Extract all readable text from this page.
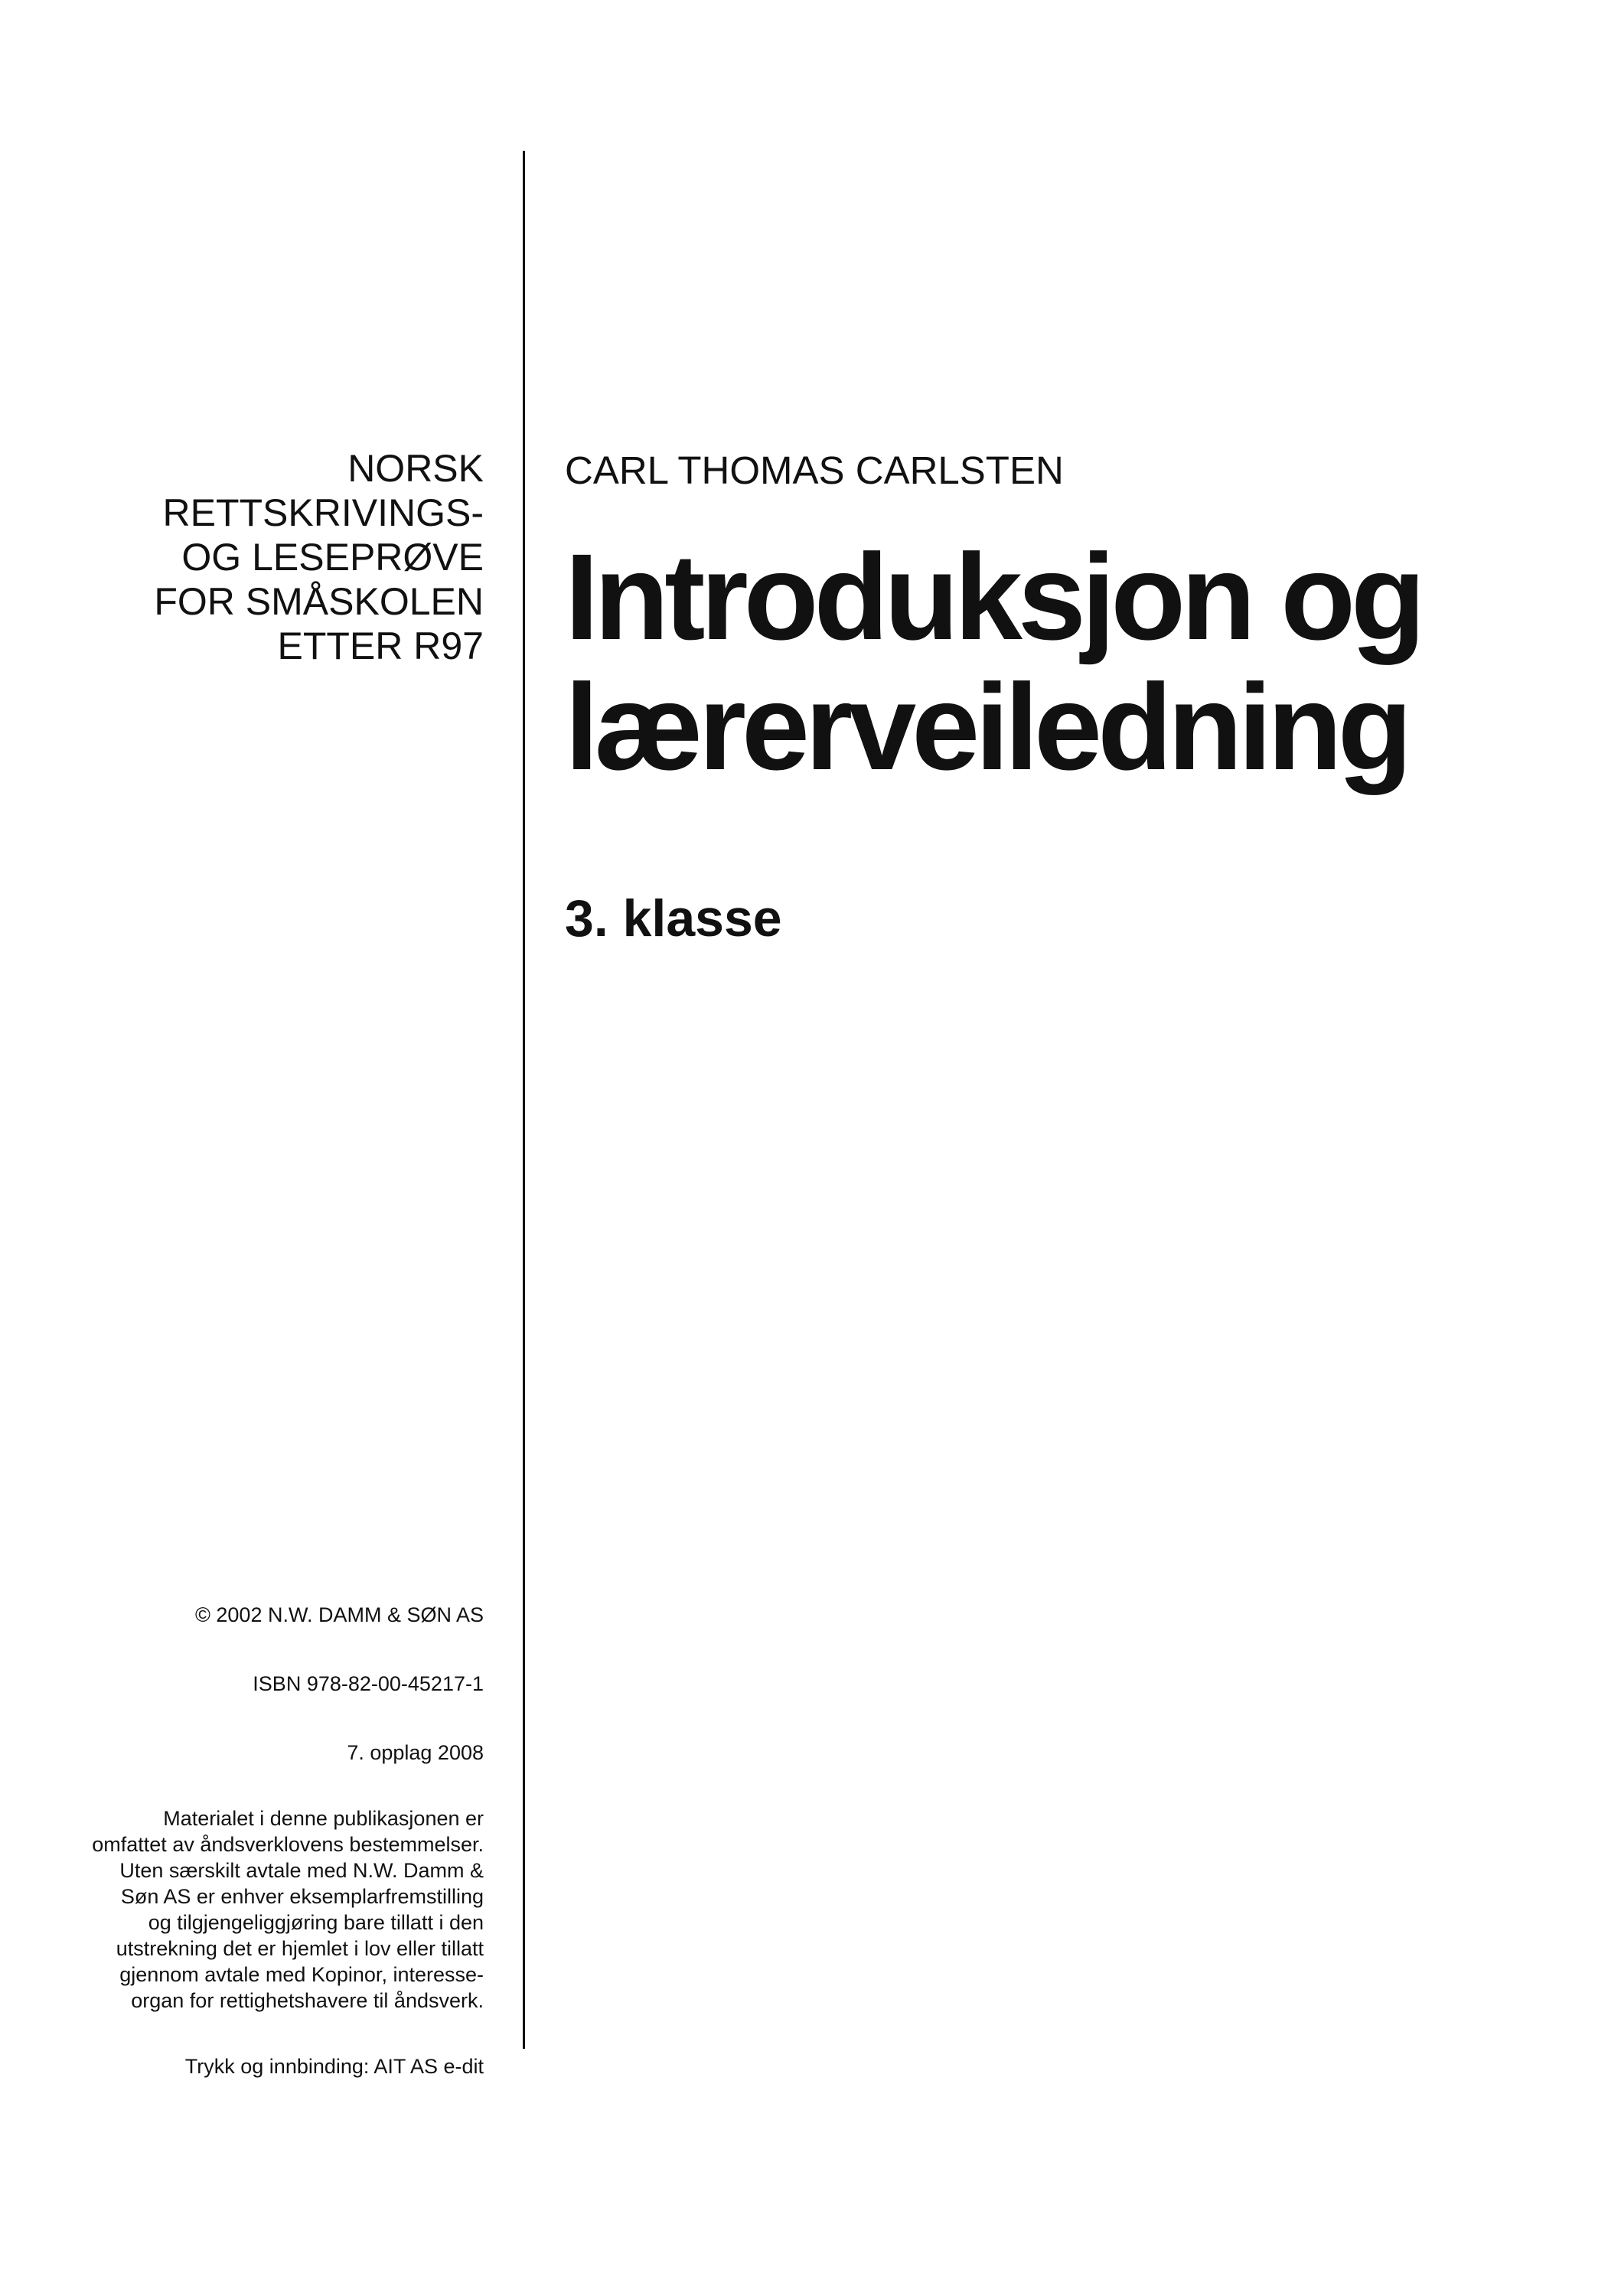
NORSK
RETTSKRIVINGS-
OG LESEPRØVE
FOR SMÅSKOLEN
ETTER R97
CARL THOMAS CARLSTEN
Introduksjon og
lærerveiledning
3. klasse
© 2002 N.W. DAMM & SØN AS
ISBN 978-82-00-45217-1
7. opplag 2008
Materialet i denne publikasjonen er
omfattet av åndsverklovens bestemmelser.
Uten særskilt avtale med N.W. Damm &
Søn AS er enhver eksemplarfremstilling
og tilgjengeliggjøring bare tillatt i den
utstrekning det er hjemlet i lov eller tillatt
gjennom avtale med Kopinor, interesse-
organ for rettighetshavere til åndsverk.
Trykk og innbinding: AIT AS e-dit
